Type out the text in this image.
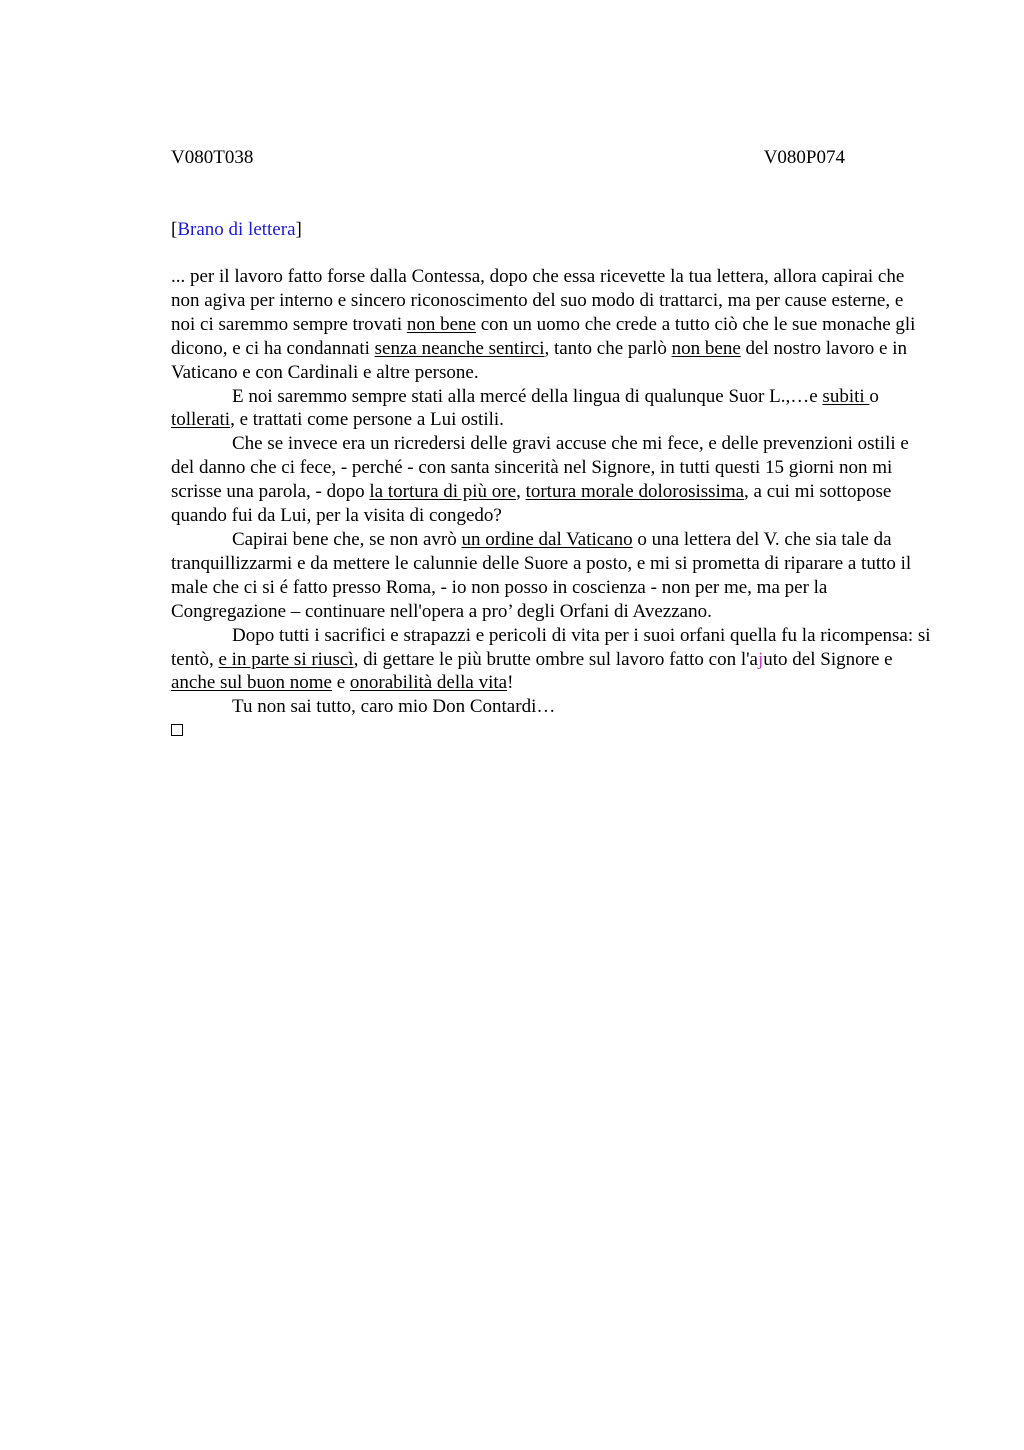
V080T038	V080P074
[Brano di lettera]

... per il lavoro fatto forse dalla Contessa, dopo che essa ricevette la tua lettera, allora capirai che non agiva per interno e sincero riconoscimento del suo modo di trattarci, ma per cause esterne, e noi ci saremmo sempre trovati non bene con un uomo che crede a tutto ciò che le sue monache gli dicono, e ci ha condannati senza neanche sentirci, tanto che parlò non bene del nostro lavoro e in Vaticano e con Cardinali e altre persone.

E noi saremmo sempre stati alla mercé della lingua di qualunque Suor L.,…e subiti o tollerati, e trattati come persone a Lui ostili.

Che se invece era un ricredersi delle gravi accuse che mi fece, e delle prevenzioni ostili e del danno che ci fece, - perché - con santa sincerità nel Signore, in tutti questi 15 giorni non mi scrisse una parola, - dopo la tortura di più ore, tortura morale dolorosissima, a cui mi sottopose quando fui da Lui, per la visita di congedo?

Capirai bene che, se non avrò un ordine dal Vaticano o una lettera del V. che sia tale da tranquillizzarmi e da mettere le calunnie delle Suore a posto, e mi si prometta di riparare a tutto il male che ci si é fatto presso Roma, - io non posso in coscienza - non per me, ma per la Congregazione – continuare nell'opera a pro’ degli Orfani di Avezzano.

Dopo tutti i sacrifici e strapazzi e pericoli di vita per i suoi orfani quella fu la ricompensa: si tentò, e in parte si riuscì, di gettare le più brutte ombre sul lavoro fatto con l'ajuto del Signore e anche sul buon nome e onorabilità della vita!

Tu non sai tutto, caro mio Don Contardi…
